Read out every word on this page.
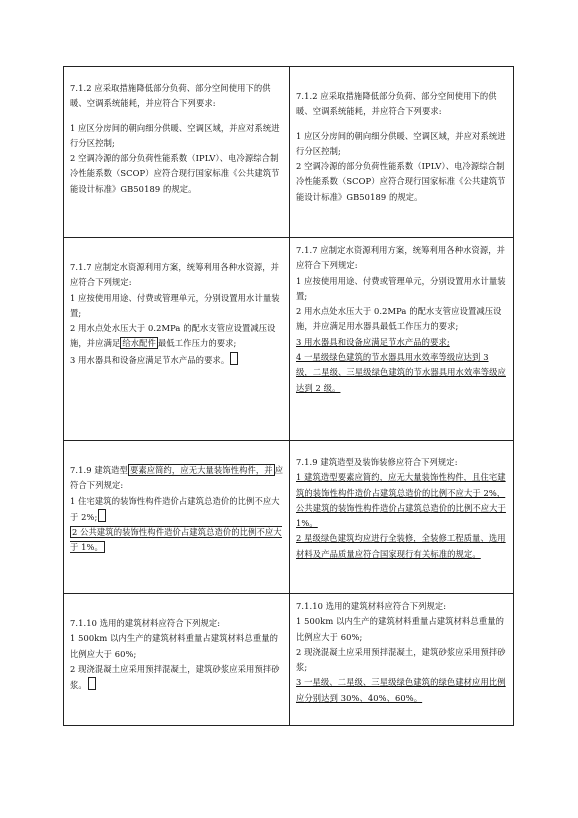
7.1.2 应采取措施降低部分负荷、部分空间使用下的供暖、空调系统能耗，并应符合下列要求:
1 应区分房间的朝向细分供暖、空调区域，并应对系统进行分区控制;
2 空调冷源的部分负荷性能系数（IPLV）、电冷源综合制冷性能系数（SCOP）应符合现行国家标准《公共建筑节能设计标准》GB50189 的规定。	7.1.2 应采取措施降低部分负荷、部分空间使用下的供暖、空调系统能耗，并应符合下列要求:
1 应区分房间的朝向细分供暖、空调区域，并应对系统进行分区控制;
2 空调冷源的部分负荷性能系数（IPLV）、电冷源综合制冷性能系数（SCOP）应符合现行国家标准《公共建筑节能设计标准》GB50189 的规定。

7.1.7 应制定水资源利用方案，统筹利用各种水资源，并应符合下列规定:
1 应按使用用途、付费或管理单元，分别设置用水计量装置;
2 用水点处水压大于 0.2MPa 的配水支管应设置减压设施，并应满足 给水配件 最低工作压力的要求;
3 用水器具和设备应满足节水产品的要求。	7.1.7 应制定水资源利用方案，统筹利用各种水资源，并应符合下列规定:
1 应按使用用途、付费或管理单元，分别设置用水计量装置;
2 用水点处水压大于 0.2MPa 的配水支管应设置减压设施，并应满足用水器具最低工作压力的要求;
3 用水器具和设备应满足节水产品的要求;
4 一星级绿色建筑的节水器具用水效率等级应达到 3 级，二星级、三星级绿色建筑的节水器具用水效率等级应达到 2 级。

7.1.9 建筑造型 要素应简约，应无大量装饰性构件，并 应符合下列规定:
1 住宅建筑的装饰性构件造价占建筑总造价的比例不应大于 2%;
2 公共建筑的装饰性构件造价占建筑总造价的比例不应大于 1%。	7.1.9 建筑造型及装饰装修应符合下列规定:
1 建筑造型要素应简约，应无大量装饰性构件，且住宅建筑的装饰性构件造价占建筑总造价的比例不应大于 2%，公共建筑的装饰性构件造价占建筑总造价的比例不应大于 1%。
2 星级绿色建筑均应进行全装修，全装修工程质量、选用材料及产品质量应符合国家现行有关标准的规定。

7.1.10 选用的建筑材料应符合下列规定:
1 500km 以内生产的建筑材料重量占建筑材料总重量的比例应大于 60%;
2 现浇混凝土应采用预拌混凝土，建筑砂浆应采用预拌砂浆。	7.1.10 选用的建筑材料应符合下列规定:
1 500km 以内生产的建筑材料重量占建筑材料总重量的比例应大于 60%;
2 现浇混凝土应采用预拌混凝土，建筑砂浆应采用预拌砂浆;
3 一星级、二星级、三星级绿色建筑的绿色建材应用比例应分别达到 30%、40%、60%。
